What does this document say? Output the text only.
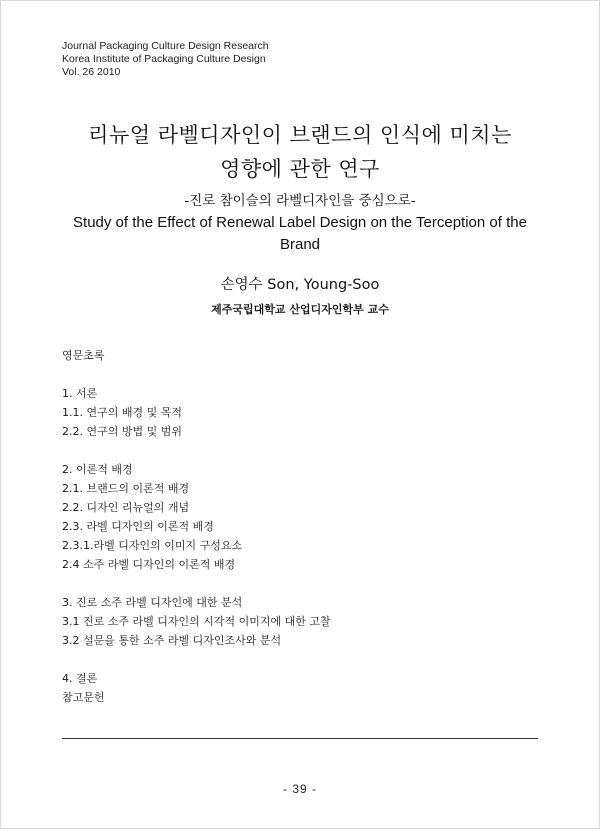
Journal Packaging Culture Design Research
Korea Institute of Packaging Culture Design
Vol. 26 2010
리뉴얼 라벨디자인이 브랜드의 인식에 미치는
영향에 관한 연구
-진로 참이슬의 라벨디자인을 중심으로-
Study of the Effect of Renewal Label Design on the Terception of the
Brand
손영수 Son, Young-Soo
제주국립대학교 산업디자인학부 교수
영문초록
1. 서론
1.1. 연구의 배경 및 목적
2.2. 연구의 방법 및 범위
2. 이론적 배경
2.1. 브랜드의 이론적 배경
2.2. 디자인 리뉴얼의 개념
2.3. 라벨 디자인의 이론적 배경
2.3.1.라벨 디자인의 이미지 구성요소
2.4 소주 라벨 디자인의 이론적 배경
3. 진로 소주 라벨 디자인에 대한 분석
3.1 진로 소주 라벨 디자인의 시각적 이미지에 대한 고찰
3.2 설문을 통한 소주 라벨 디자인조사와 분석
4. 결론
참고문헌
- 39 -
